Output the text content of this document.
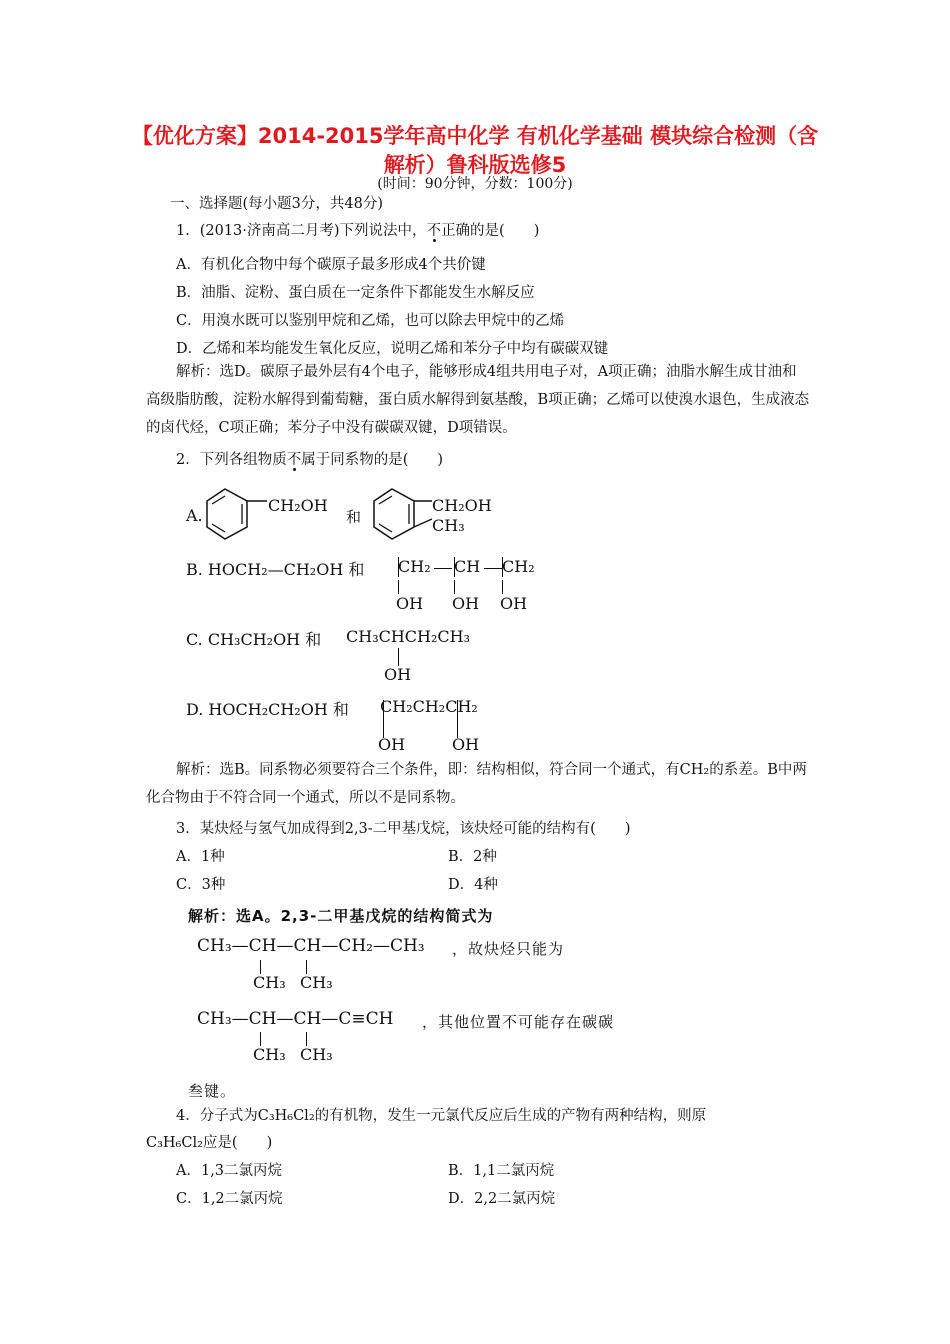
【优化方案】2014-2015学年高中化学 有机化学基础 模块综合检测（含解析）鲁科版选修5
(时间：90分钟，分数：100分)
一、选择题(每小题3分，共48分)
1．(2013·济南高二月考)下列说法中，不正确的是(　　)
A．有机化合物中每个碳原子最多形成4个共价键
B．油脂、淀粉、蛋白质在一定条件下都能发生水解反应
C．用溴水既可以鉴别甲烷和乙烯，也可以除去甲烷中的乙烯
D．乙烯和苯均能发生氧化反应，说明乙烯和苯分子中均有碳碳双键
解析：选D。碳原子最外层有4个电子，能够形成4组共用电子对，A项正确；油脂水解生成甘油和高级脂肪酸，淀粉水解得到葡萄糖，蛋白质水解得到氨基酸，B项正确；乙烯可以使溴水退色，生成液态的卤代烃，C项正确；苯分子中没有碳碳双键，D项错误。
2．下列各组物质不属于同系物的是(　　)
A.
CH₂OH
和
CH₂OH
CH₃
B. HOCH₂—CH₂OH 和 CH₂ CH CH₂
OH OH OH
C. CH₃CH₂OH 和 CH₃CHCH₂CH₃
OH
D. HOCH₂CH₂OH 和 CH₂CH₂CH₂
OH	OH
解析：选B。同系物必须要符合三个条件，即：结构相似，符合同一个通式，有CH₂的系差。B中两化合物由于不符合同一个通式，所以不是同系物。
3．某炔烃与氢气加成得到2,3-二甲基戊烷，该炔烃可能的结构有(　　)
A．1种	B．2种
C．3种	D．4种
解析：选A。2,3-二甲基戊烷的结构简式为
CH₃—CH—CH—CH₂—CH₃ ，故炔烃只能为
CH₃ CH₃
CH₃—CH—CH—C≡CH ，其他位置不可能存在碳碳
CH₃ CH₃
叁键。
4．分子式为C₃H₆Cl₂的有机物，发生一元氯代反应后生成的产物有两种结构，则原
C₃H₆Cl₂应是(　　)
A．1,3二氯丙烷	B．1,1二氯丙烷
C．1,2二氯丙烷	D．2,2二氯丙烷
